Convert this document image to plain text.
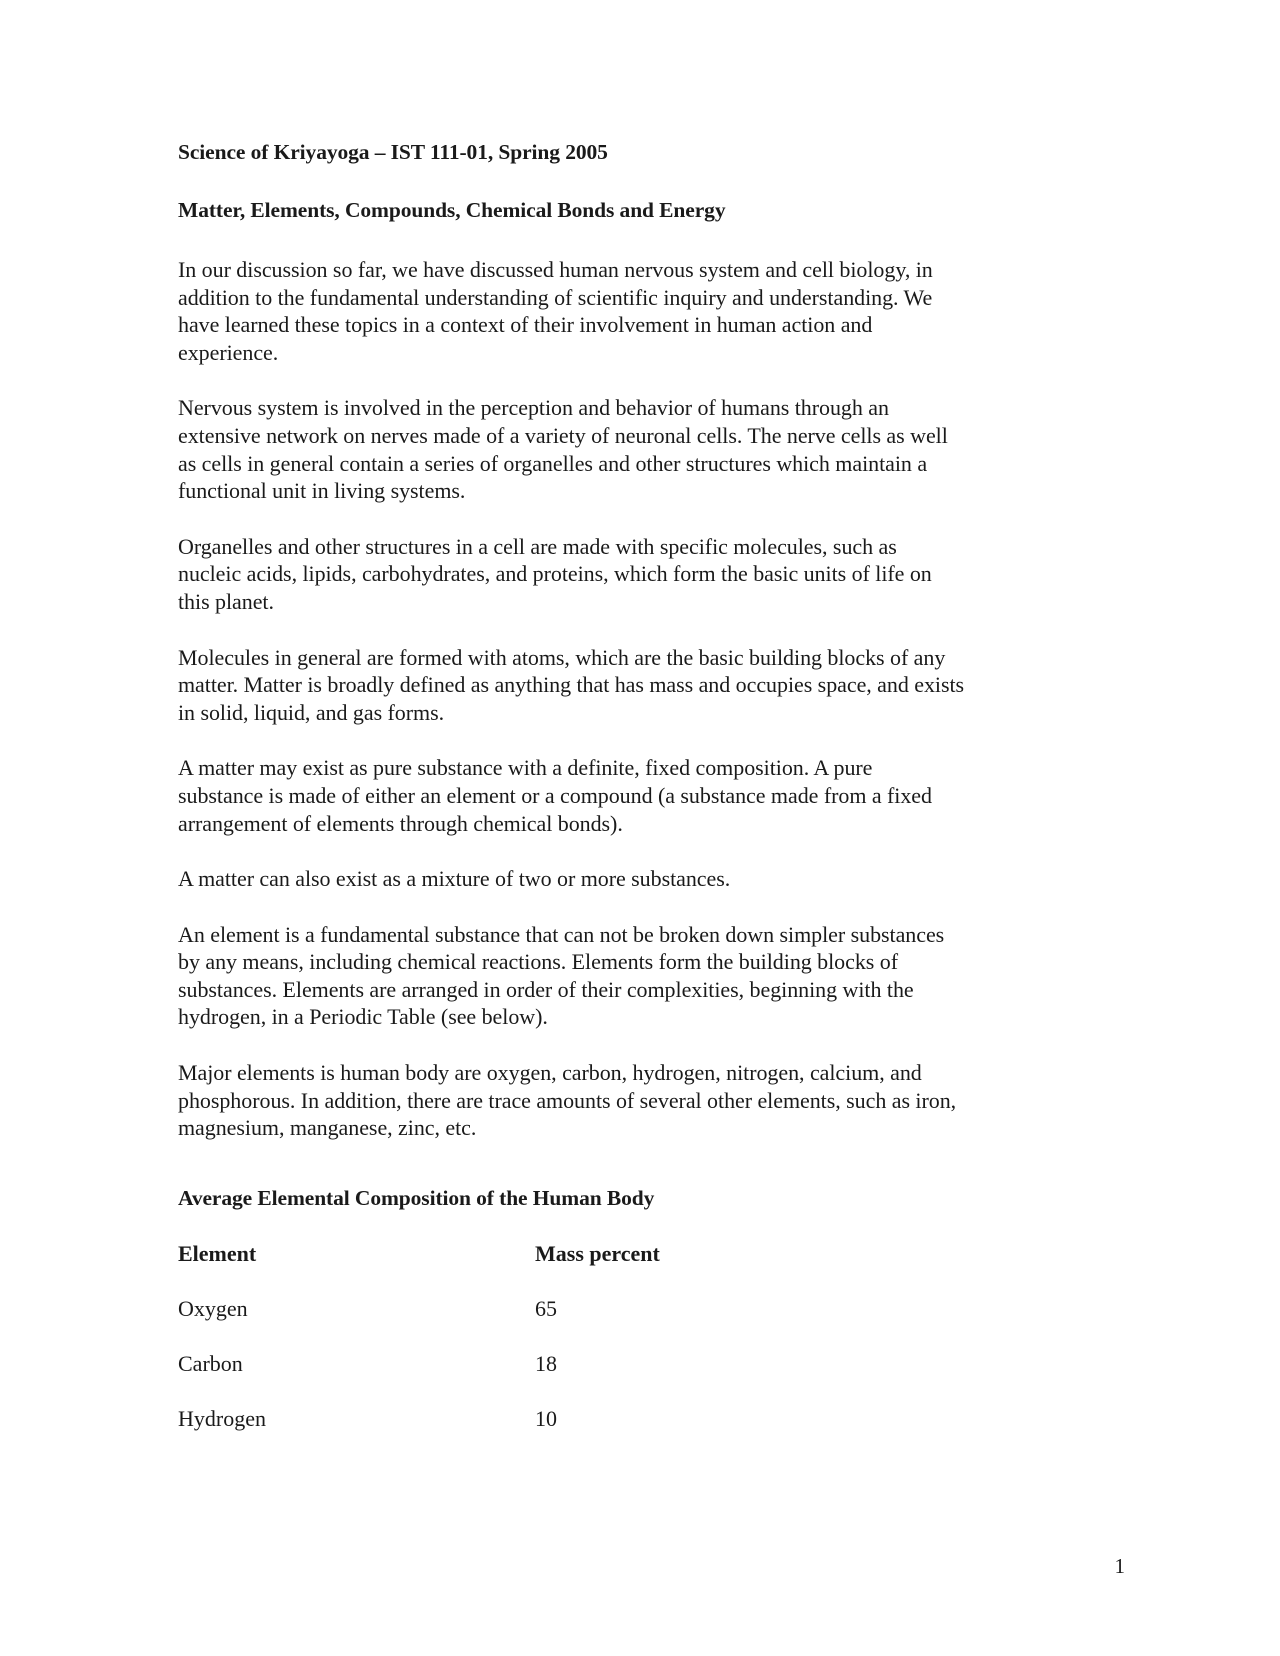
Science of Kriyayoga – IST 111-01, Spring 2005
Matter, Elements, Compounds, Chemical Bonds and Energy

In our discussion so far, we have discussed human nervous system and cell biology, in
addition to the fundamental understanding of scientific inquiry and understanding. We
have learned these topics in a context of their involvement in human action and
experience.

Nervous system is involved in the perception and behavior of humans through an
extensive network on nerves made of a variety of neuronal cells. The nerve cells as well
as cells in general contain a series of organelles and other structures which maintain a
functional unit in living systems.

Organelles and other structures in a cell are made with specific molecules, such as
nucleic acids, lipids, carbohydrates, and proteins, which form the basic units of life on
this planet.

Molecules in general are formed with atoms, which are the basic building blocks of any
matter. Matter is broadly defined as anything that has mass and occupies space, and exists
in solid, liquid, and gas forms.

A matter may exist as pure substance with a definite, fixed composition. A pure
substance is made of either an element or a compound (a substance made from a fixed
arrangement of elements through chemical bonds).

A matter can also exist as a mixture of two or more substances.

An element is a fundamental substance that can not be broken down simpler substances
by any means, including chemical reactions. Elements form the building blocks of
substances. Elements are arranged in order of their complexities, beginning with the
hydrogen, in a Periodic Table (see below).

Major elements is human body are oxygen, carbon, hydrogen, nitrogen, calcium, and
phosphorous. In addition, there are trace amounts of several other elements, such as iron,
magnesium, manganese, zinc, etc.

Average Elemental Composition of the Human Body
Element	Mass percent
Oxygen	65
Carbon	18
Hydrogen	10
1
